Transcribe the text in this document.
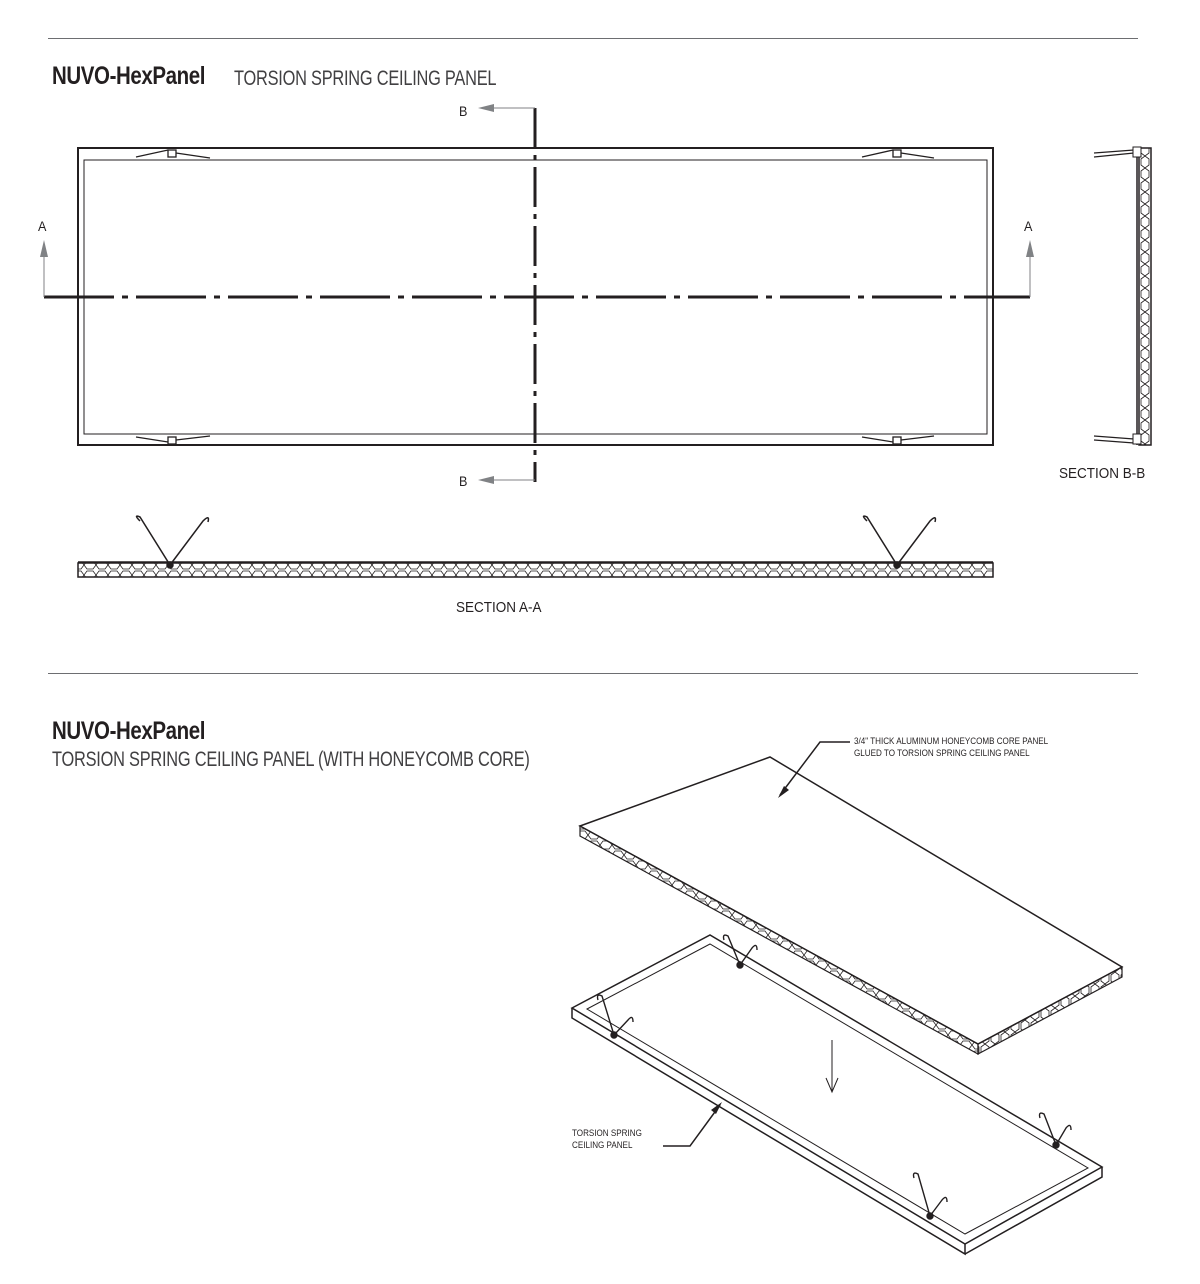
NUVO-HexPanel	TORSION SPRING CEILING PANEL
NUVO-HexPanel
TORSION SPRING CEILING PANEL (WITH HONEYCOMB CORE)
B
B
A	A
SECTION B-B
SECTION A-A
3/4" THICK ALUMINUM HONEYCOMB CORE PANEL
GLUED TO TORSION SPRING CEILING PANEL
TORSION SPRING
CEILING PANEL
